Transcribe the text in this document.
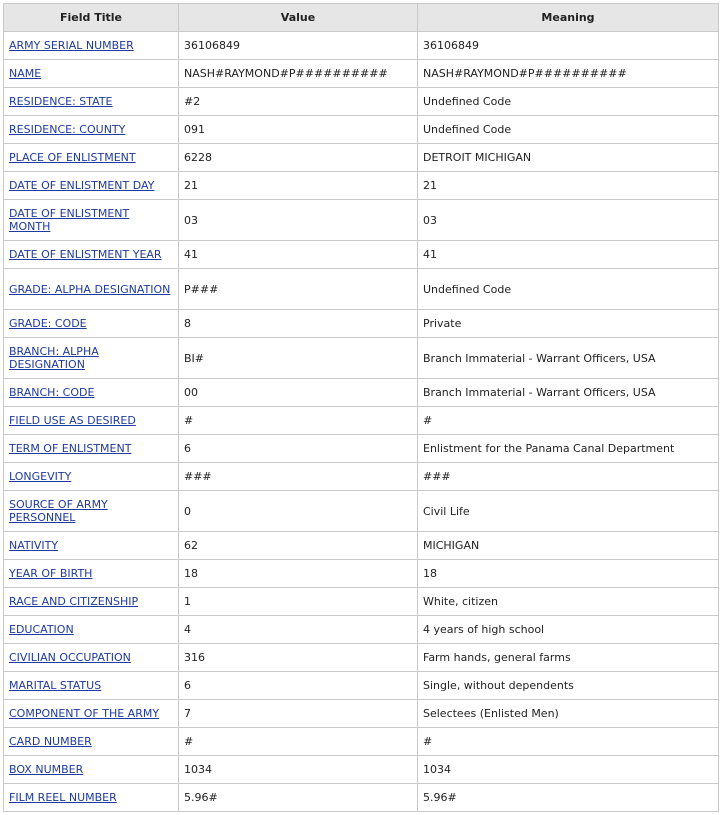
Field Title	Value	Meaning
ARMY SERIAL NUMBER	36106849	36106849
NAME	NASH#RAYMOND#P##########	NASH#RAYMOND#P##########
RESIDENCE: STATE	#2	Undefined Code
RESIDENCE: COUNTY	091	Undefined Code
PLACE OF ENLISTMENT	6228	DETROIT MICHIGAN
DATE OF ENLISTMENT DAY	21	21
DATE OF ENLISTMENT MONTH	03	03
DATE OF ENLISTMENT YEAR	41	41
GRADE: ALPHA DESIGNATION	P###	Undefined Code
GRADE: CODE	8	Private
BRANCH: ALPHA DESIGNATION	BI#	Branch Immaterial - Warrant Officers, USA
BRANCH: CODE	00	Branch Immaterial - Warrant Officers, USA
FIELD USE AS DESIRED	#	#
TERM OF ENLISTMENT	6	Enlistment for the Panama Canal Department
LONGEVITY	###	###
SOURCE OF ARMY PERSONNEL	0	Civil Life
NATIVITY	62	MICHIGAN
YEAR OF BIRTH	18	18
RACE AND CITIZENSHIP	1	White, citizen
EDUCATION	4	4 years of high school
CIVILIAN OCCUPATION	316	Farm hands, general farms
MARITAL STATUS	6	Single, without dependents
COMPONENT OF THE ARMY	7	Selectees (Enlisted Men)
CARD NUMBER	#	#
BOX NUMBER	1034	1034
FILM REEL NUMBER	5.96#	5.96#
